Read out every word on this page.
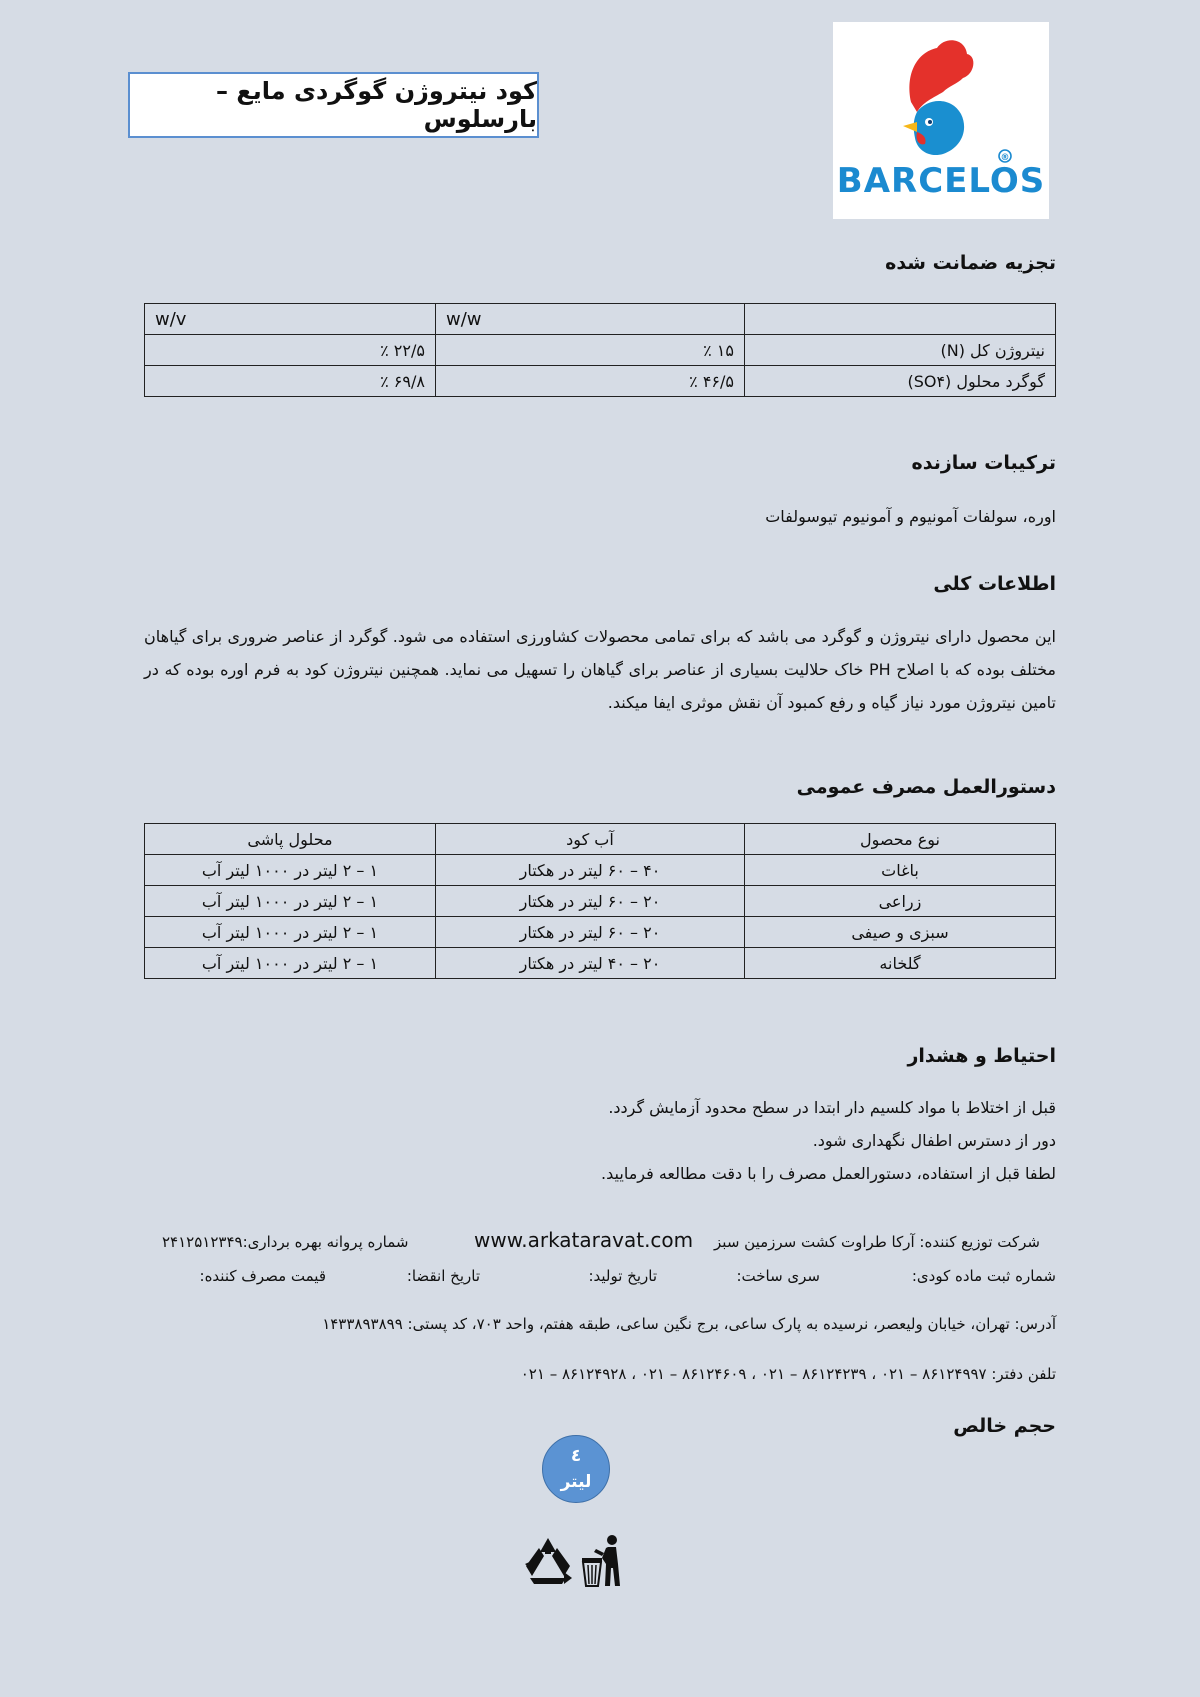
®
BARCELOS
کود نیتروژن گوگردی مایع – بارسلوس
تجزیه ضمانت شده
	w/w	w/v
نیتروژن کل (N)	۱۵ ٪	۲۲/۵ ٪
گوگرد محلول (SO۴)	۴۶/۵ ٪	۶۹/۸ ٪
ترکیبات سازنده
اوره، سولفات آمونیوم و آمونیوم تیوسولفات
اطلاعات کلی
این محصول دارای نیتروژن و گوگرد می باشد که برای تمامی محصولات کشاورزی استفاده می شود. گوگرد از عناصر ضروری برای گیاهان مختلف بوده که با اصلاح PH خاک حلالیت بسیاری از عناصر برای گیاهان را تسهیل می نماید. همچنین نیتروژن کود به فرم اوره بوده که در تامین نیتروژن مورد نیاز گیاه و رفع کمبود آن نقش موثری ایفا میکند.
دستورالعمل مصرف عمومی
نوع محصول	آب کود	محلول پاشی
باغات	۴۰ – ۶۰ لیتر در هکتار	۱ – ۲ لیتر در ۱۰۰۰ لیتر آب
زراعی	۲۰ – ۶۰ لیتر در هکتار	۱ – ۲ لیتر در ۱۰۰۰ لیتر آب
سبزی و صیفی	۲۰ – ۶۰ لیتر در هکتار	۱ – ۲ لیتر در ۱۰۰۰ لیتر آب
گلخانه	۲۰ – ۴۰ لیتر در هکتار	۱ – ۲ لیتر در ۱۰۰۰ لیتر آب
احتیاط و هشدار
قبل از اختلاط با مواد کلسیم دار ابتدا در سطح محدود آزمایش گردد.
دور از دسترس اطفال نگهداری شود.
لطفا قبل از استفاده، دستورالعمل مصرف را با دقت مطالعه فرمایید.
شرکت توزیع کننده: آرکا طراوت کشت سرزمین سبز
www.arkataravat.com
شماره پروانه بهره برداری:۲۴۱۲۵۱۲۳۴۹
شماره ثبت ماده کودی:
سری ساخت:
تاریخ تولید:
تاریخ انقضا:
قیمت مصرف کننده:
آدرس: تهران، خیابان ولیعصر، نرسیده به پارک ساعی، برج نگین ساعی، طبقه هفتم، واحد ۷۰۳، کد پستی: ۱۴۳۳۸۹۳۸۹۹
تلفن دفتر: ۸۶۱۲۴۹۹۷ – ۰۲۱ ، ۸۶۱۲۴۲۳۹ – ۰۲۱ ، ۸۶۱۲۴۶۰۹ – ۰۲۱ ، ۸۶۱۲۴۹۲۸ – ۰۲۱
حجم خالص
٤
لیتر
